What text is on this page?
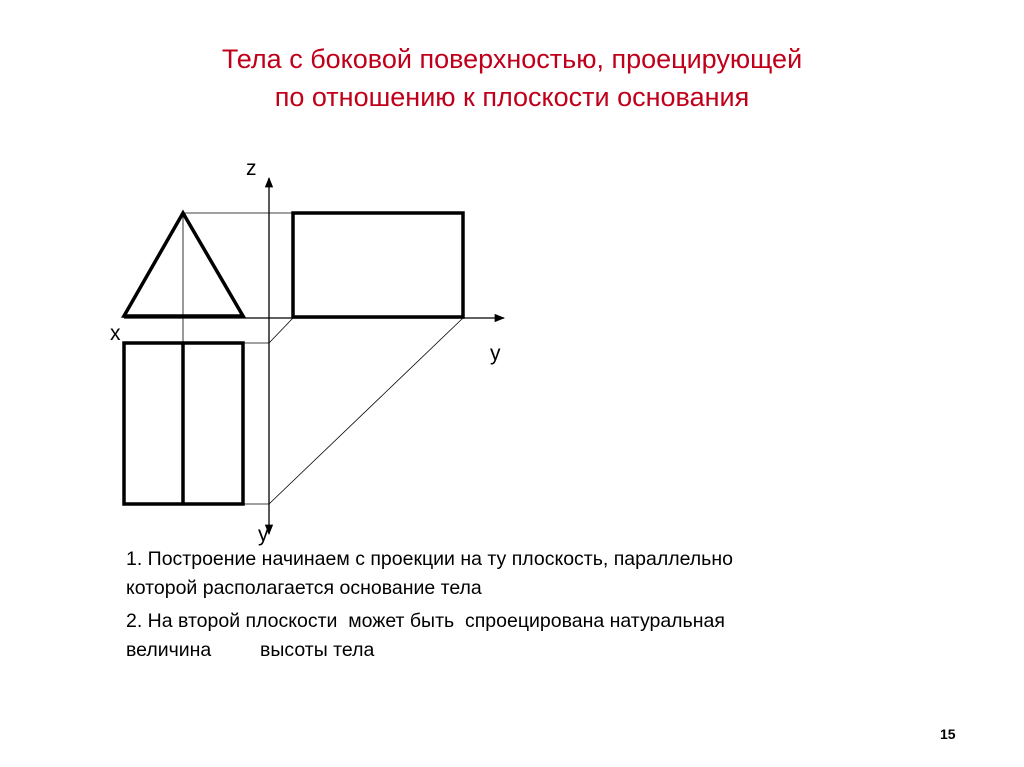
Тела с боковой поверхностью, проецирующей
по отношению к плоскости основания
z
x
y
y

1. Построение начинаем с проекции на ту плоскость, параллельно
которой располагается основание тела

2. На второй плоскости  может быть  спроецирована натуральная
величина         высоты тела

15
